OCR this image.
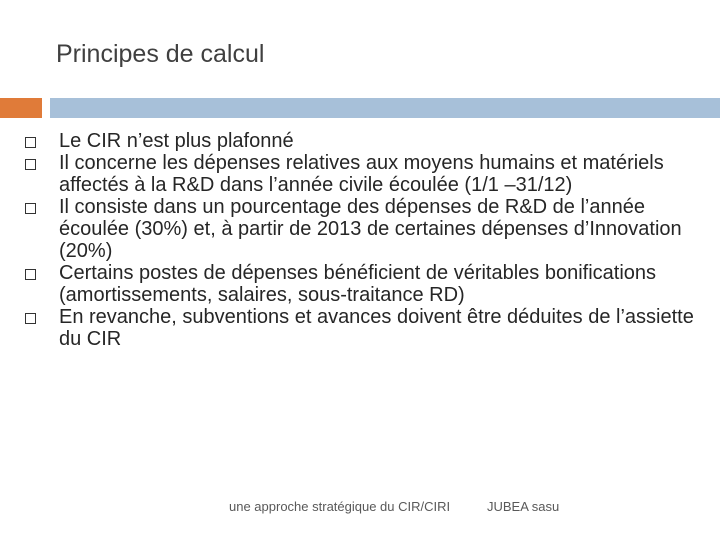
Principes de calcul
Le CIR n’est plus plafonné
Il concerne les dépenses relatives aux moyens humains et matériels affectés à la R&D dans l’année civile écoulée (1/1 –31/12)
Il consiste dans un pourcentage des dépenses de R&D de l’année écoulée (30%) et, à partir de 2013 de certaines dépenses d’Innovation (20%)
Certains postes de dépenses bénéficient de véritables bonifications (amortissements, salaires, sous-traitance RD)
En revanche, subventions et avances doivent être déduites de l’assiette du CIR
une approche stratégique du CIR/CIRI	JUBEA sasu
